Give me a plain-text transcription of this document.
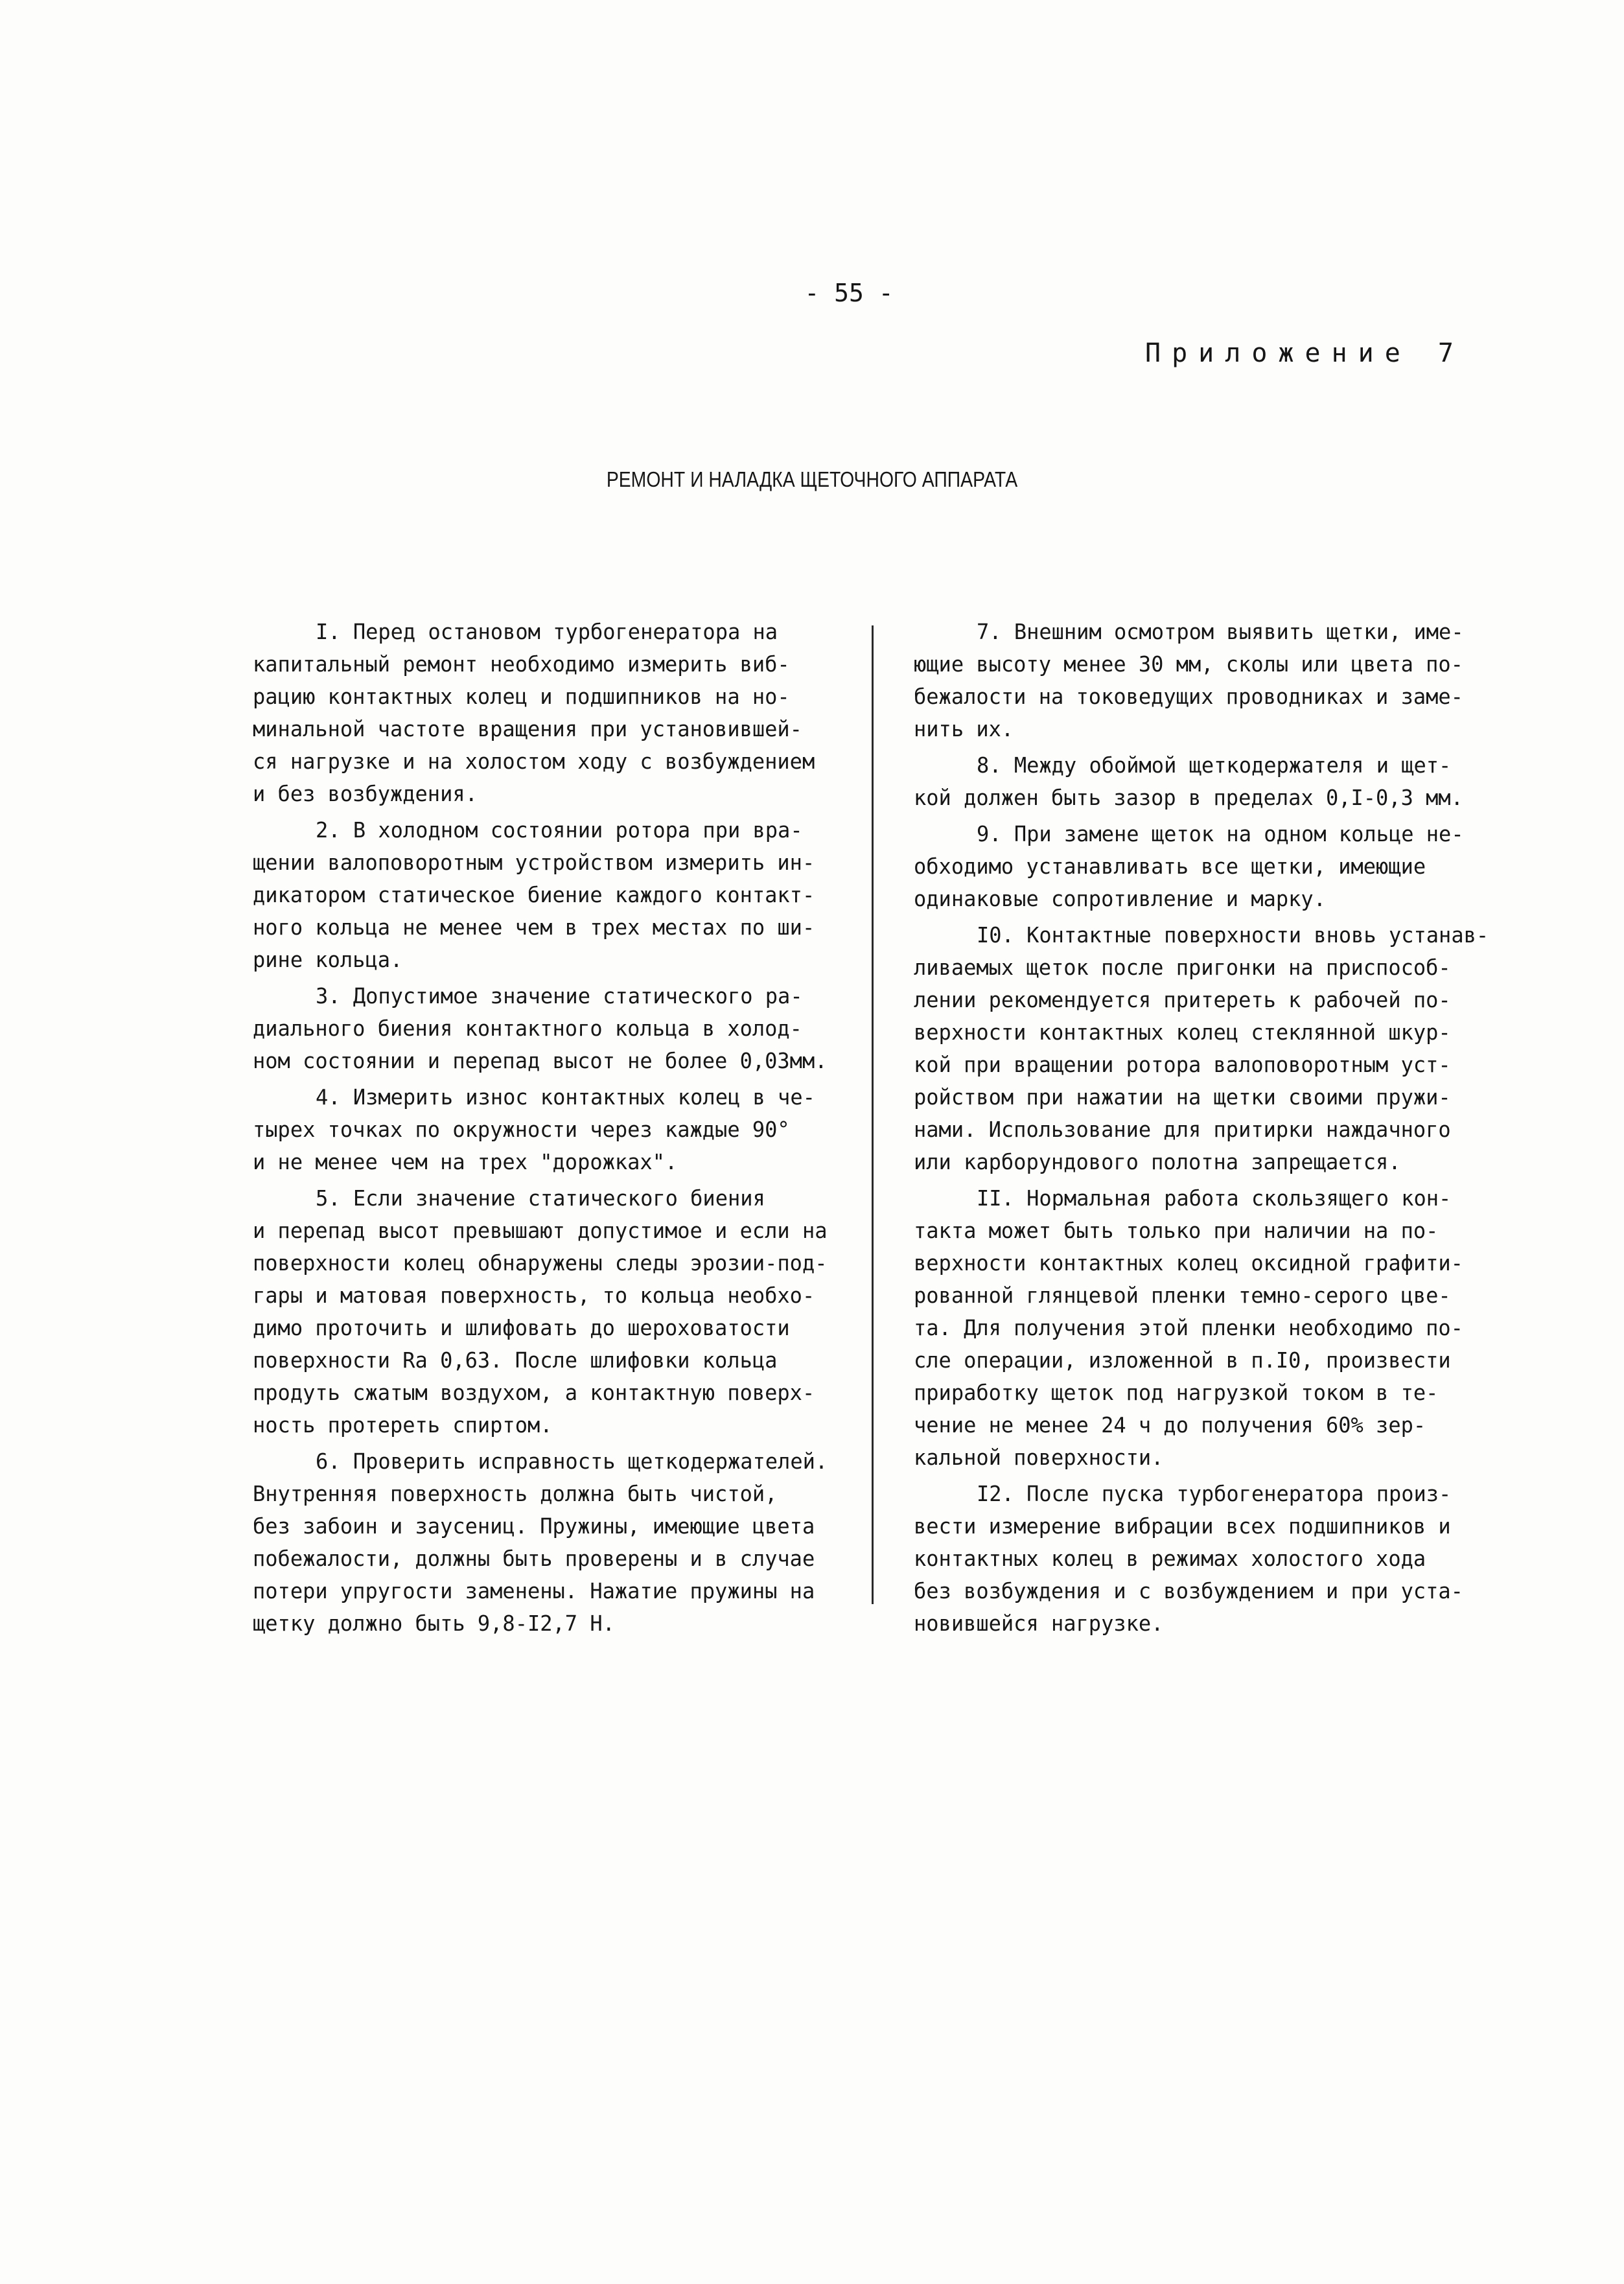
- 55 -

Приложение 7

РЕМОНТ И НАЛАДКА ЩЕТОЧНОГО АППАРАТА
I. Перед остановом турбогенератора на
капитальный ремонт необходимо измерить виб-
рацию контактных колец и подшипников на но-
минальной частоте вращения при установившей-
ся нагрузке и на холостом ходу с возбуждением
и без возбуждения.
2. В холодном состоянии ротора при вра-
щении валоповоротным устройством измерить ин-
дикатором статическое биение каждого контакт-
ного кольца не менее чем в трех местах по ши-
рине кольца.
3. Допустимое значение статического ра-
диального биения контактного кольца в холод-
ном состоянии и перепад высот не более 0,03мм.
4. Измерить износ контактных колец в че-
тырех точках по окружности через каждые 90°
и не менее чем на трех "дорожках".
5. Если значение статического биения
и перепад высот превышают допустимое и если на
поверхности колец обнаружены следы эрозии-под-
гары и матовая поверхность, то кольца необхо-
димо проточить и шлифовать до шероховатости
поверхности Ra 0,63. После шлифовки кольца
продуть сжатым воздухом, а контактную поверх-
ность протереть спиртом.
6. Проверить исправность щеткодержателей.
Внутренняя поверхность должна быть чистой,
без забоин и заусениц. Пружины, имеющие цвета
побежалости, должны быть проверены и в случае
потери упругости заменены. Нажатие пружины на
щетку должно быть 9,8-I2,7 Н.
7. Внешним осмотром выявить щетки, име-
ющие высоту менее 30 мм, сколы или цвета по-
бежалости на токоведущих проводниках и заме-
нить их.
8. Между обоймой щеткодержателя и щет-
кой должен быть зазор в пределах 0,I-0,3 мм.
9. При замене щеток на одном кольце не-
обходимо устанавливать все щетки, имеющие
одинаковые сопротивление и марку.
I0. Контактные поверхности вновь устанав-
ливаемых щеток после пригонки на приспособ-
лении рекомендуется притереть к рабочей по-
верхности контактных колец стеклянной шкур-
кой при вращении ротора валоповоротным уст-
ройством при нажатии на щетки своими пружи-
нами. Использование для притирки наждачного
или карборундового полотна запрещается.
II. Нормальная работа скользящего кон-
такта может быть только при наличии на по-
верхности контактных колец оксидной графити-
рованной глянцевой пленки темно-серого цве-
та. Для получения этой пленки необходимо по-
сле операции, изложенной в п.I0, произвести
приработку щеток под нагрузкой током в те-
чение не менее 24 ч до получения 60% зер-
кальной поверхности.
I2. После пуска турбогенератора произ-
вести измерение вибрации всех подшипников и
контактных колец в режимах холостого хода
без возбуждения и с возбуждением и при уста-
новившейся нагрузке.
